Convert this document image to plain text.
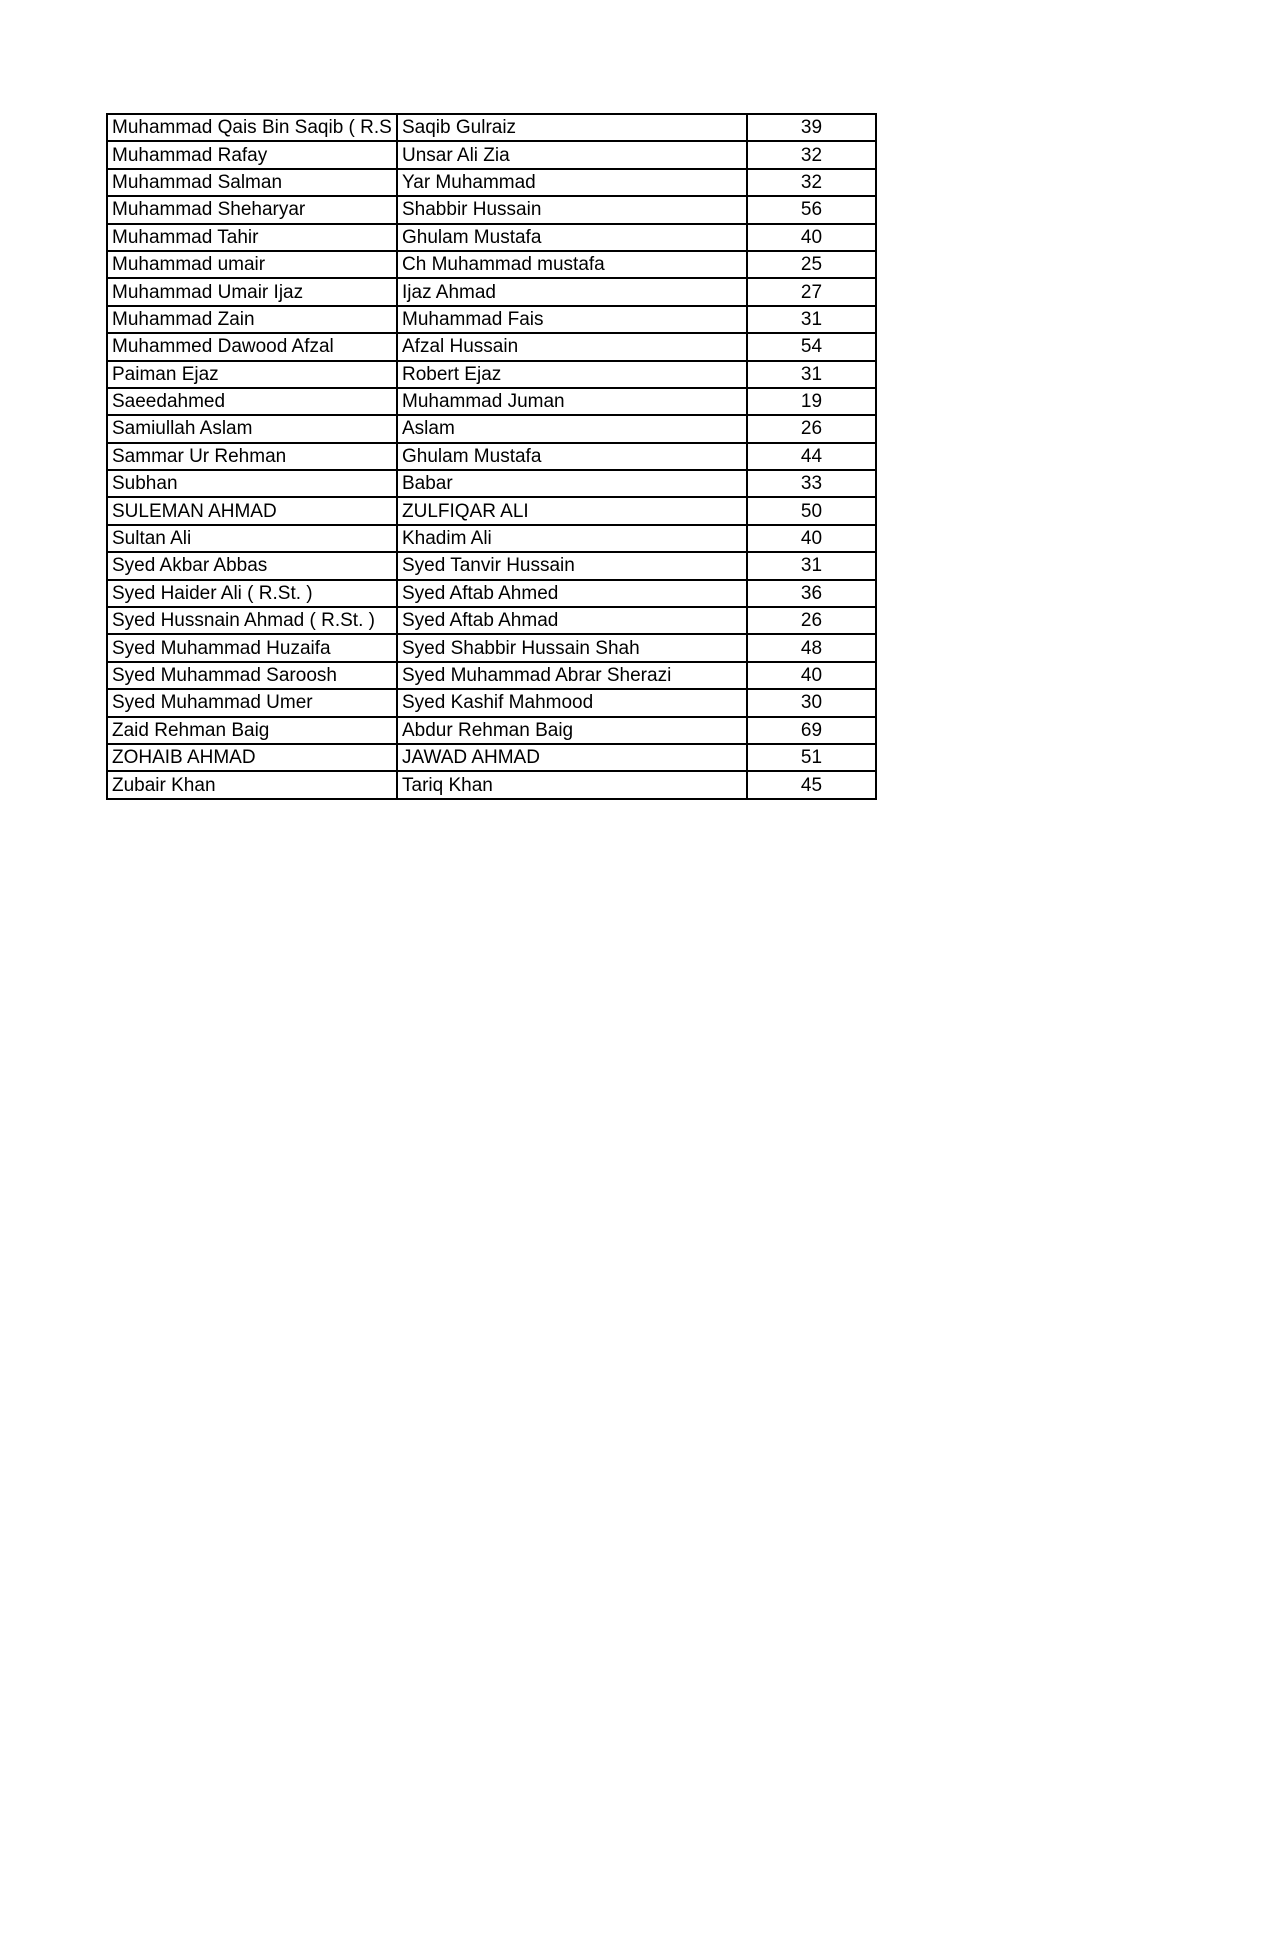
Muhammad Qais Bin Saqib ( R.S	Saqib Gulraiz	39
Muhammad Rafay	Unsar Ali Zia	32
Muhammad Salman	Yar Muhammad	32
Muhammad Sheharyar	Shabbir Hussain	56
Muhammad Tahir	Ghulam Mustafa	40
Muhammad umair	Ch Muhammad mustafa	25
Muhammad Umair Ijaz	Ijaz Ahmad	27
Muhammad Zain	Muhammad Fais	31
Muhammed Dawood Afzal	Afzal Hussain	54
Paiman Ejaz	Robert Ejaz	31
Saeedahmed	Muhammad Juman	19
Samiullah Aslam	Aslam	26
Sammar Ur Rehman	Ghulam Mustafa	44
Subhan	Babar	33
SULEMAN AHMAD	ZULFIQAR ALI	50
Sultan Ali	Khadim Ali	40
Syed Akbar Abbas	Syed Tanvir Hussain	31
Syed Haider Ali ( R.St. )	Syed Aftab Ahmed	36
Syed Hussnain Ahmad ( R.St. )	Syed Aftab Ahmad	26
Syed Muhammad Huzaifa	Syed Shabbir Hussain Shah	48
Syed Muhammad Saroosh	Syed Muhammad Abrar Sherazi	40
Syed Muhammad Umer	Syed Kashif Mahmood	30
Zaid Rehman Baig	Abdur Rehman Baig	69
ZOHAIB AHMAD	JAWAD AHMAD	51
Zubair Khan	Tariq Khan	45
